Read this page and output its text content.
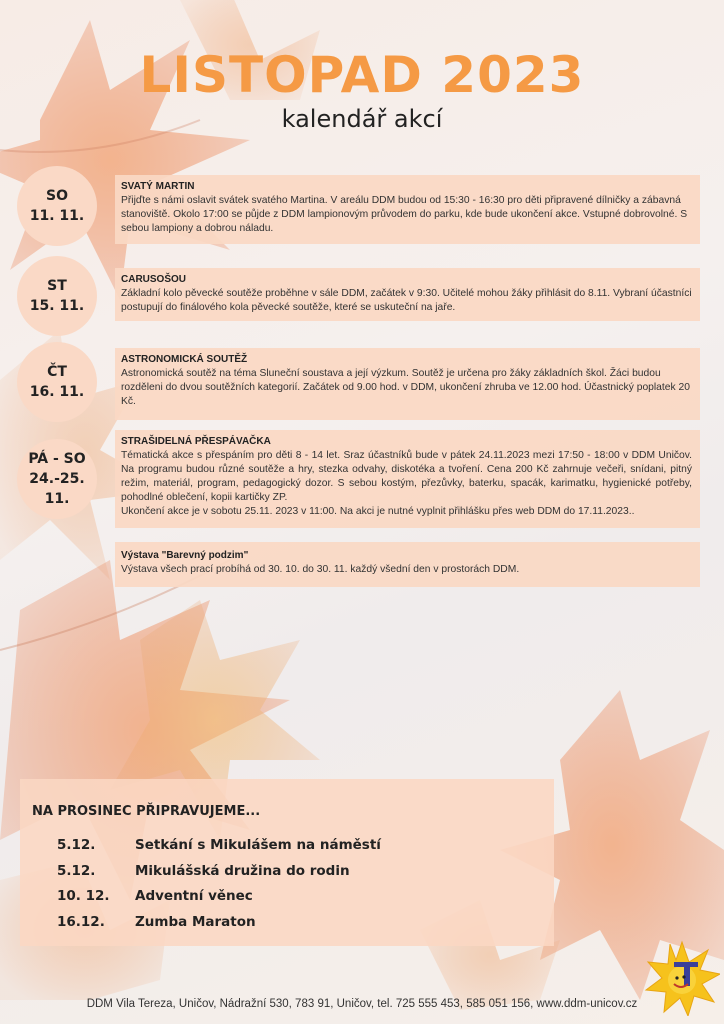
LISTOPAD 2023
kalendář akcí
SO
11. 11.
SVATÝ MARTIN
Přijďte s námi oslavit svátek svatého Martina. V areálu DDM budou od 15:30 - 16:30 pro děti připravené dílničky a zábavná stanoviště. Okolo 17:00 se půjde z DDM lampionovým průvodem do parku, kde bude ukončení akce. Vstupné dobrovolné. S sebou lampiony a dobrou náladu.
ST
15. 11.
CARUSOŠOU
Základní kolo pěvecké soutěže proběhne v sále DDM, začátek v 9:30. Učitelé mohou žáky přihlásit do 8.11. Vybraní účastníci postupují do finálového kola pěvecké soutěže, které se uskuteční na jaře.
ČT
16. 11.
ASTRONOMICKÁ SOUTĚŽ
Astronomická soutěž na téma Sluneční soustava a její výzkum. Soutěž je určena pro žáky základních škol. Žáci budou rozděleni do dvou soutěžních kategorií. Začátek od 9.00 hod. v DDM, ukončení zhruba ve 12.00 hod. Účastnický poplatek 20 Kč.
PÁ - SO
24.-25. 11.
STRAŠIDELNÁ PŘESPÁVAČKA
Tématická akce s přespáním pro děti 8 - 14 let. Sraz účastníků bude v pátek 24.11.2023 mezi 17:50 - 18:00 v DDM Uničov. Na programu budou různé soutěže a hry, stezka odvahy, diskotéka a tvoření. Cena 200 Kč zahrnuje večeři, snídani, pitný režim, materiál, program, pedagogický dozor. S sebou kostým, přezůvky, baterku, spacák, karimatku, hygienické potřeby, pohodlné oblečení, kopii kartičky ZP.
Ukončení akce je v sobotu 25.11. 2023 v 11:00. Na akci je nutné vyplnit přihlášku přes web DDM do 17.11.2023..
Výstava "Barevný podzim"
Výstava všech prací probíhá od 30. 10. do 30. 11. každý všední den v prostorách DDM.
NA PROSINEC PŘIPRAVUJEME...
5.12.	Setkání s Mikulášem na náměstí
5.12.	Mikulášská družina do rodin
10. 12. Adventní věnec
16.12. Zumba Maraton
DDM Vila Tereza, Uničov, Nádražní 530, 783 91, Uničov, tel. 725 555 453, 585 051 156, www.ddm-unicov.cz
